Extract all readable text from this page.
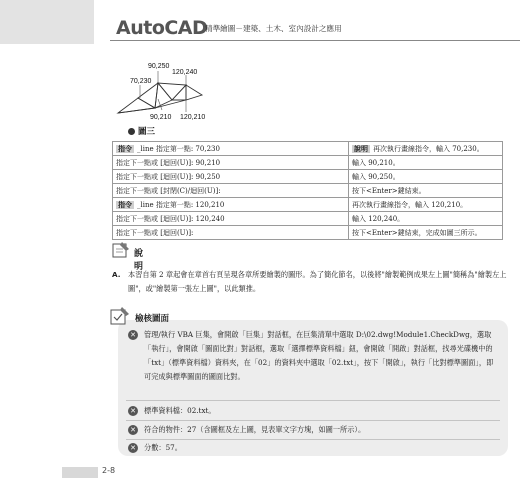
AutoCAD
精準繪圖－建築、土木、室內設計之應用
90,250
70,230
120,240
90,210 120,210
圖三
指令 _line 指定第一點: 70,230	說明 再次執行畫線指令，輸入 70,230。
指定下一點或 [迴回(U)]: 90,210	輸入 90,210。
指定下一點或 [迴回(U)]: 90,250	輸入 90,250。
指定下一點或 [封閉(C)/迴回(U)]:	按下<Enter>鍵結束。
指令 _line 指定第一點: 120,210	再次執行畫線指令，輸入 120,210。
指定下一點或 [迴回(U)]: 120,240	輸入 120,240。
指定下一點或 [迴回(U)]:	按下<Enter>鍵結束，完成如圖三所示。
說明
A. 本習自第 2 章起會在章首右頁呈現各章所要繪製的圖形。為了簡化節名，以後將"繪製範例成果左上圖"簡稱為"繪製左上圖"，或"繪製第一張左上圖"，以此類推。
✕ 管理/執行 VBA 巨集，會開啟「巨集」對話框，在巨集清單中選取 D:\02.dwg!Module1.CheckDwg，選取「執行」，會開啟「圖面比對」對話框，選取「選擇標準資料檔」鈕，會開啟「開啟」對話框，找尋光碟機中的「txt」（標準資料檔）資料夾，在「02」的資料夾中選取「02.txt」，按下「開啟」，執行「比對標準圖面」，即可完成與標準圖面的圖面比對。
✕ 標準資料檔：02.txt。
✕ 符合的物件：27（含圖框及左上圖，見表單文字方塊，如圖一所示）。
✕ 分數：57。
檢核圖面
2-8
